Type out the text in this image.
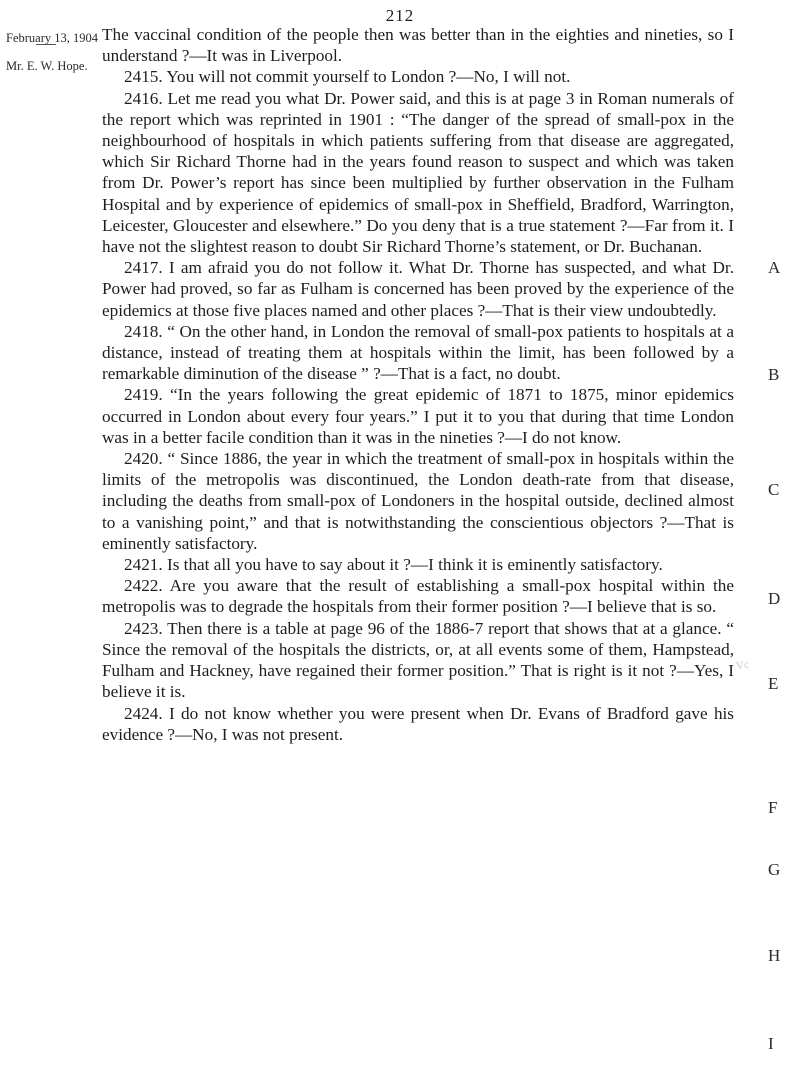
212
February 13, 1904
Mr. E. W. Hope.

The vaccinal condition of the people then was better than in the eighties and nineties, so I understand ?—It was in Liverpool.

2415. You will not commit yourself to London ?—No, I will not.

2416. Let me read you what Dr. Power said, and this is at page 3 in Roman numerals of the report which was reprinted in 1901 : “The danger of the spread of small-pox in the neighbourhood of hospitals in which patients suffering from that disease are aggregated, which Sir Richard Thorne had in the years found reason to suspect and which was taken from Dr. Power’s report has since been multiplied by further observation in the Fulham Hospital and by experience of epidemics of small-pox in Sheffield, Bradford, Warrington, Leicester, Gloucester and elsewhere.” Do you deny that is a true statement ?—Far from it. I have not the slightest reason to doubt Sir Richard Thorne’s statement, or Dr. Buchanan.

2417. I am afraid you do not follow it. What Dr. Thorne has suspected, and what Dr. Power had proved, so far as Fulham is concerned has been proved by the experience of the epidemics at those five places named and other places ?—That is their view undoubtedly.

2418. “ On the other hand, in London the removal of small-pox patients to hospitals at a distance, instead of treating them at hospitals within the limit, has been followed by a remarkable diminution of the disease ” ?—That is a fact, no doubt.

2419. “In the years following the great epidemic of 1871 to 1875, minor epidemics occurred in London about every four years.” I put it to you that during that time London was in a better facile condition than it was in the nineties ?—I do not know.

2420. “ Since 1886, the year in which the treatment of small-pox in hospitals within the limits of the metropolis was discontinued, the London death-rate from that disease, including the deaths from small-pox of Londoners in the hospital outside, declined almost to a vanishing point,” and that is notwithstanding the conscientious objectors ?—That is eminently satisfactory.

2421. Is that all you have to say about it ?—I think it is eminently satisfactory.

2422. Are you aware that the result of establishing a small-pox hospital within the metropolis was to degrade the hospitals from their former position ?—I believe that is so.

2423. Then there is a table at page 96 of the 1886-7 report that shows that at a glance. “ Since the removal of the hospitals the districts, or, at all events some of them, Hampstead, Fulham and Hackney, have regained their former position.” That is right is it not ?—Yes, I believe it is.

2424. I do not know whether you were present when Dr. Evans of Bradford gave his evidence ?—No, I was not present.

A
B
C
D
E
F
G
H
I
Vc
